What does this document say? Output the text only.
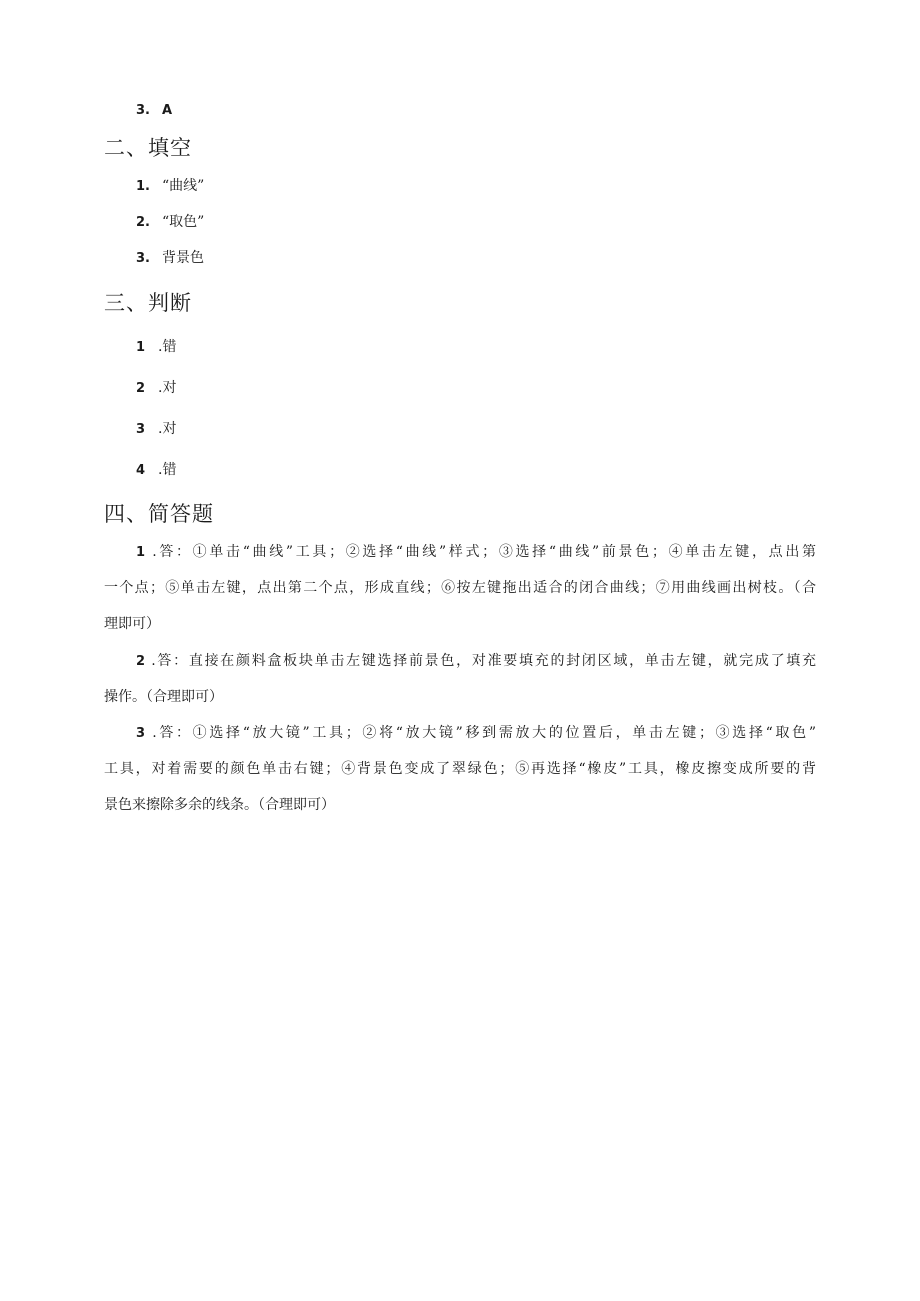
3. A
二、填空
1. “曲线”
2. “取色”
3. 背景色
三、判断
1 .错
2 .对
3 .对
4 .错
四、简答题
1 .答：①单击“曲线”工具；②选择“曲线”样式；③选择“曲线”前景色；④单击左键，点出第
一个点；⑤单击左键，点出第二个点，形成直线；⑥按左键拖出适合的闭合曲线；⑦用曲线画出树枝。（合
理即可）
2 .答：直接在颜料盒板块单击左键选择前景色，对准要填充的封闭区域，单击左键，就完成了填充
操作。（合理即可）
3 .答：①选择“放大镜”工具；②将“放大镜”移到需放大的位置后，单击左键；③选择“取色”
工具，对着需要的颜色单击右键；④背景色变成了翠绿色；⑤再选择“橡皮”工具，橡皮擦变成所要的背
景色来擦除多余的线条。（合理即可）
